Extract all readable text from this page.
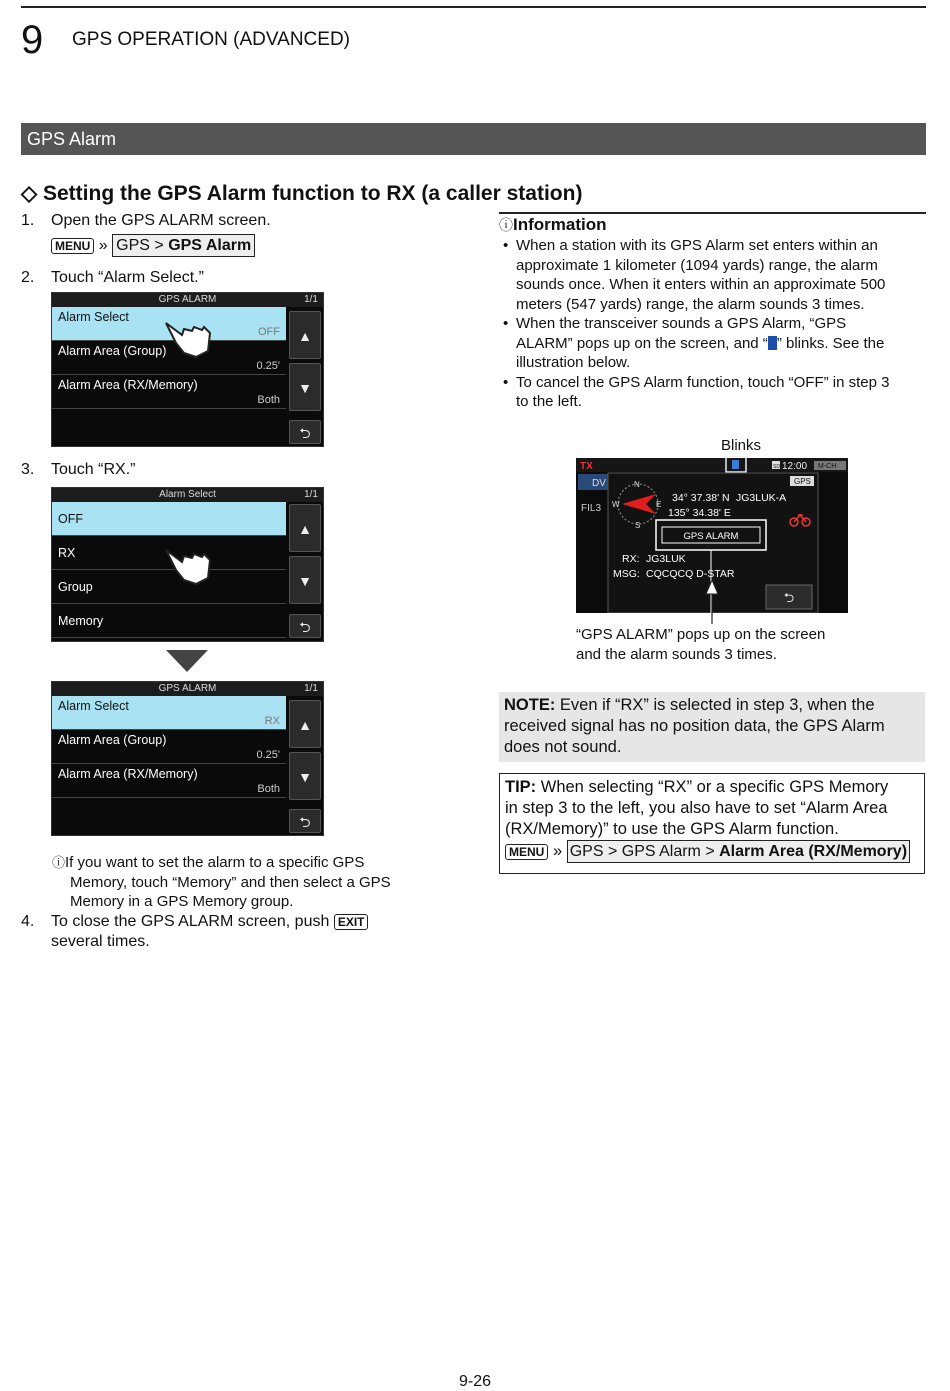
9 GPS OPERATION (ADVANCED)
GPS Alarm
◇ Setting the GPS Alarm function to RX (a caller station)
1. Open the GPS ALARM screen.
MENU » GPS > GPS Alarm
2. Touch “Alarm Select.”
GPS ALARM	1/1
Alarm Select
OFF
Alarm Area (Group)
0.25'
Alarm Area (RX/Memory)
Both
▲
▼
⮌
3. Touch “RX.”
Alarm Select	1/1
OFF
RX
Group
Memory
▲
▼
⮌
GPS ALARM	1/1
Alarm Select
RX
Alarm Area (Group)
0.25'
Alarm Area (RX/Memory)
Both
▲
▼
⮌
ⓘIf you want to set the alarm to a specific GPS
Memory, touch “Memory” and then select a GPS
Memory in a GPS Memory group.
4. To close the GPS ALARM screen, push EXIT
several times.
ⓘInformation
• When a station with its GPS Alarm set enters within an
approximate 1 kilometer (1094 yards) range, the alarm
sounds once. When it enters within an approximate 500
meters (547 yards) range, the alarm sounds 3 times.
• When the transceiver sounds a GPS Alarm, “GPS
ALARM” pops up on the screen, and “ ” blinks. See the
illustration below.
• To cancel the GPS Alarm function, touch “OFF” in step 3
to the left.
Blinks
TX	SD 12:00 M-CH
DV
FIL3
GPS
N
W	E
S
34° 37.38' N JG3LUK-A
135° 34.38' E
GPS ALARM
RX: JG3LUK
MSG: CQCQCQ D-STAR
⮌
“GPS ALARM” pops up on the screen
and the alarm sounds 3 times.
NOTE: Even if “RX” is selected in step 3, when the
received signal has no position data, the GPS Alarm
does not sound.
TIP: When selecting “RX” or a specific GPS Memory
in step 3 to the left, you also have to set “Alarm Area
(RX/Memory)” to use the GPS Alarm function.
MENU » GPS > GPS Alarm > Alarm Area (RX/Memory)
9-26
